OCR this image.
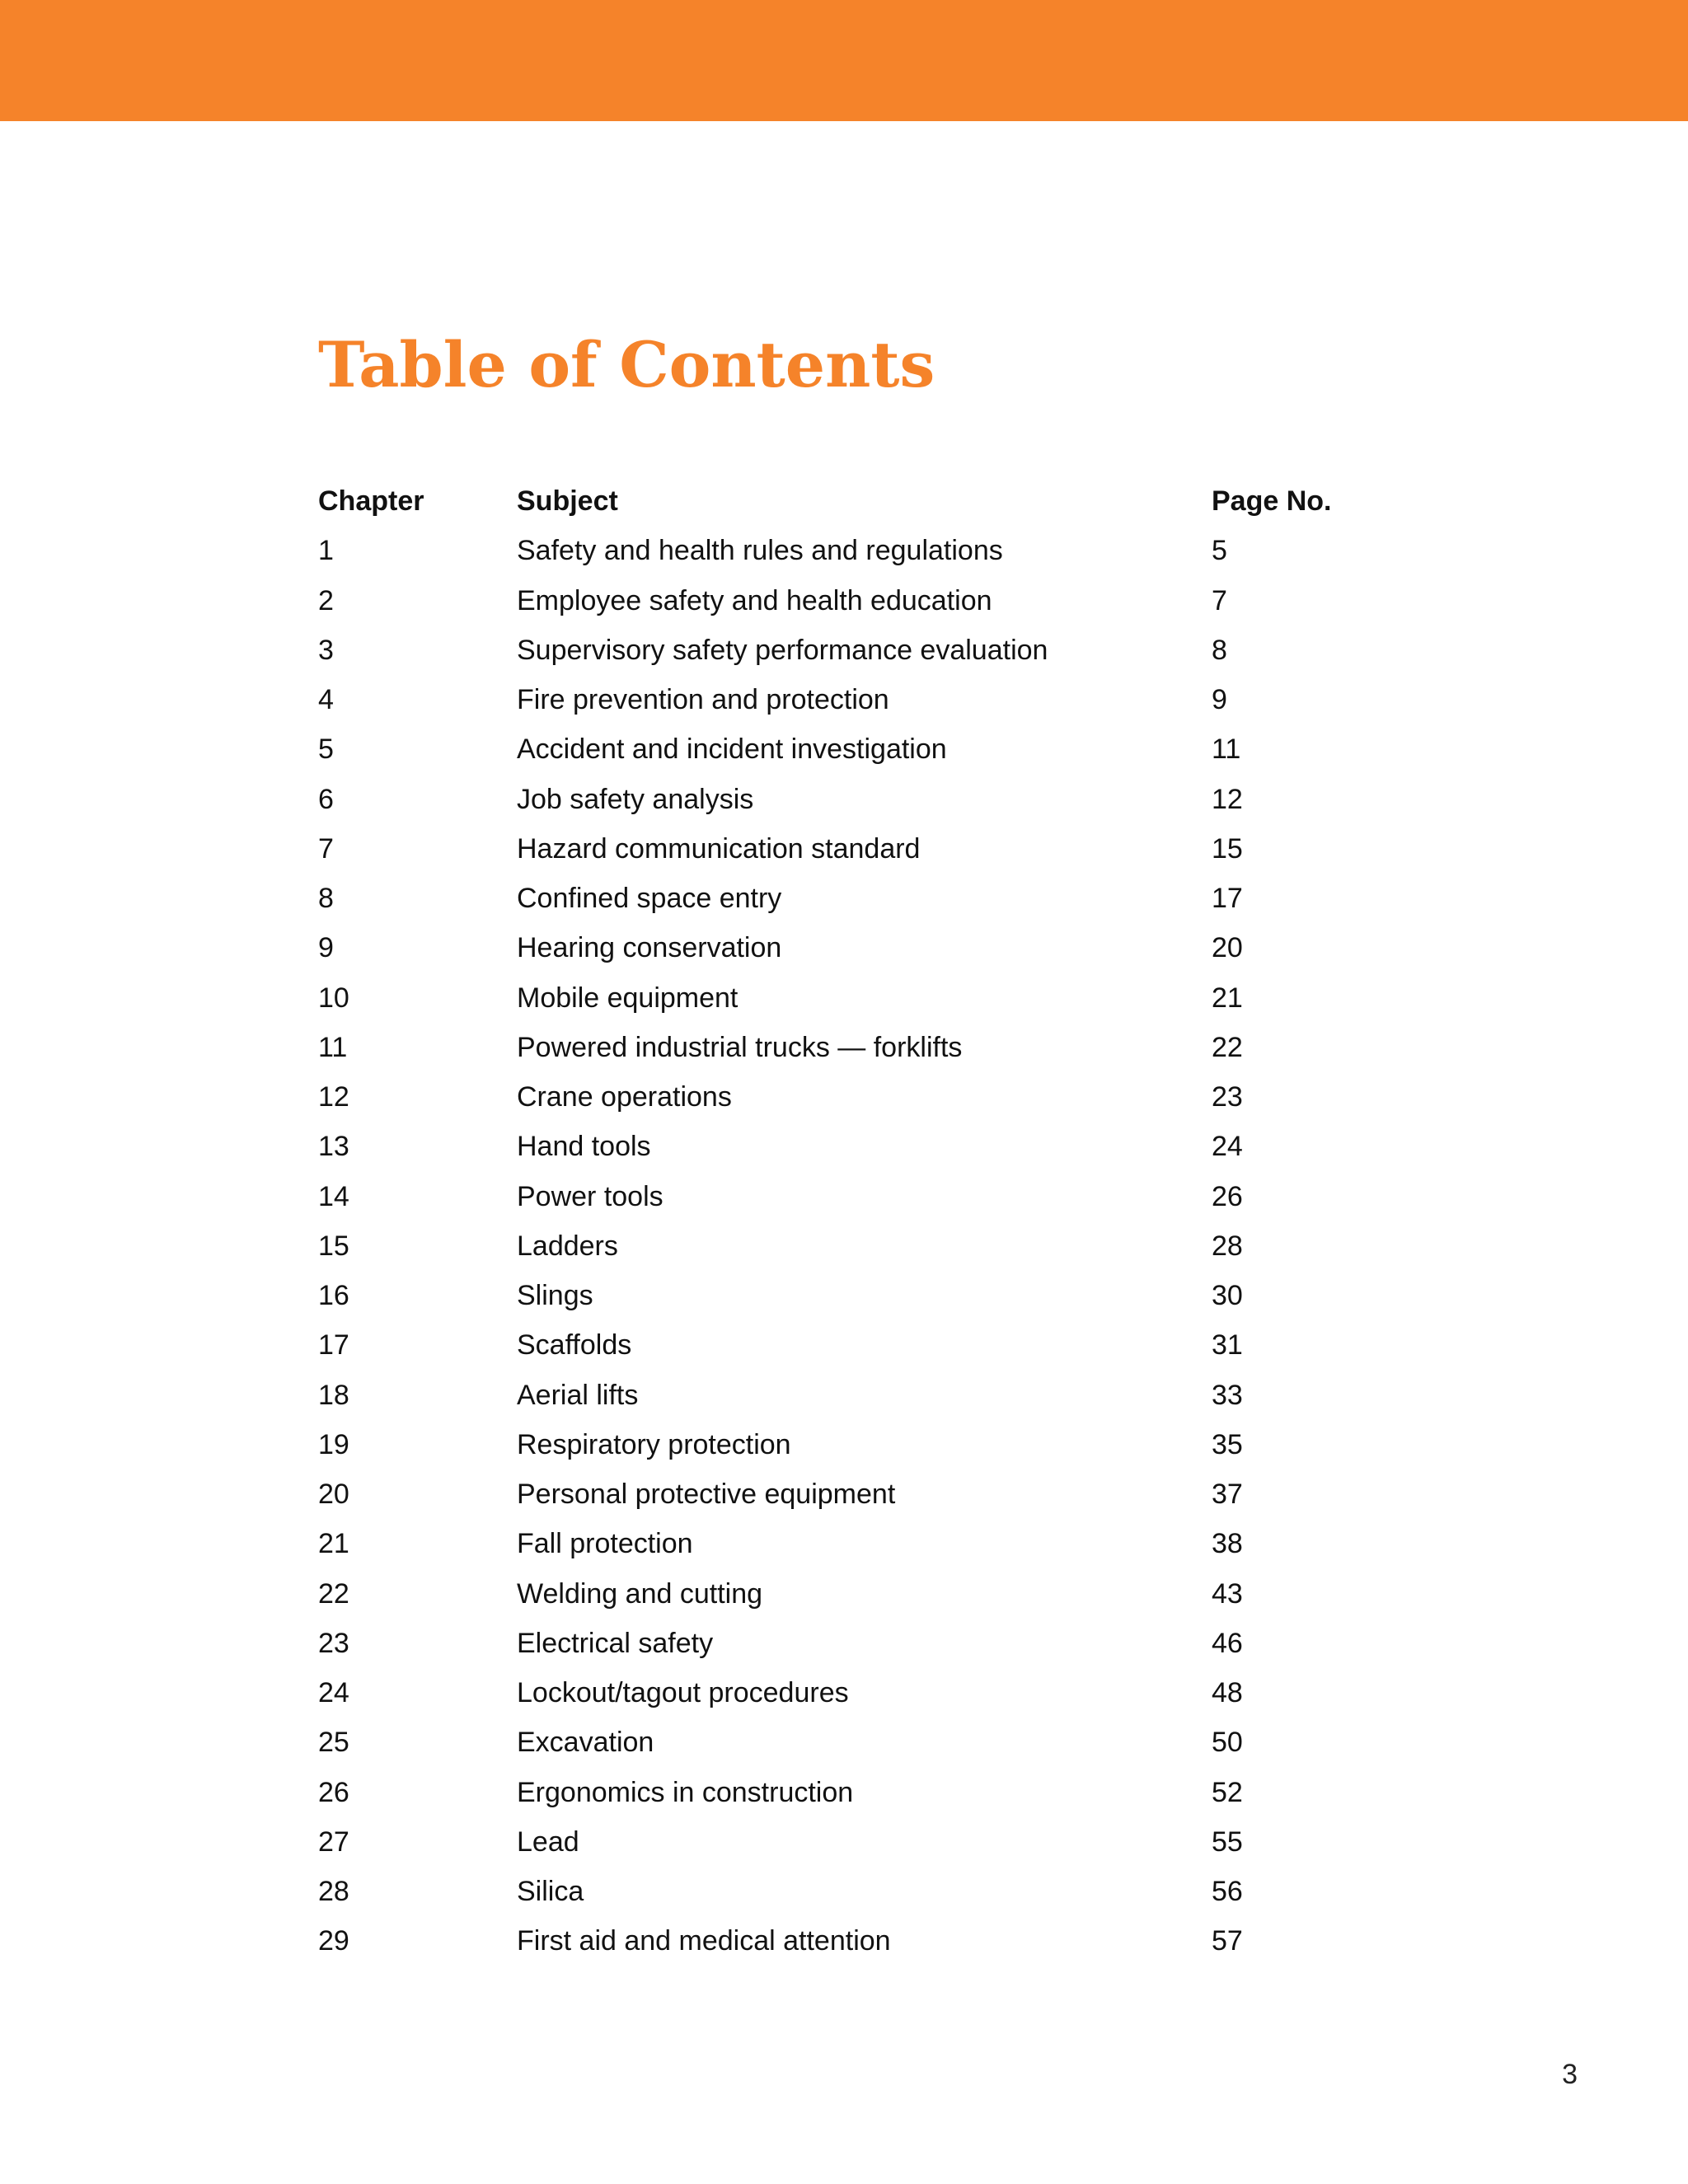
Table of Contents
Chapter	Subject	Page No.
1	Safety and health rules and regulations	5
2	Employee safety and health education	7
3	Supervisory safety performance evaluation	8
4	Fire prevention and protection	9
5	Accident and incident investigation	11
6	Job safety analysis	12
7	Hazard communication standard	15
8	Confined space entry	17
9	Hearing conservation	20
10	Mobile equipment	21
11	Powered industrial trucks — forklifts	22
12	Crane operations	23
13	Hand tools	24
14	Power tools	26
15	Ladders	28
16	Slings	30
17	Scaffolds	31
18	Aerial lifts	33
19	Respiratory protection	35
20	Personal protective equipment	37
21	Fall protection	38
22	Welding and cutting	43
23	Electrical safety	46
24	Lockout/tagout procedures	48
25	Excavation	50
26	Ergonomics in construction	52
27	Lead	55
28	Silica	56
29	First aid and medical attention	57
3
